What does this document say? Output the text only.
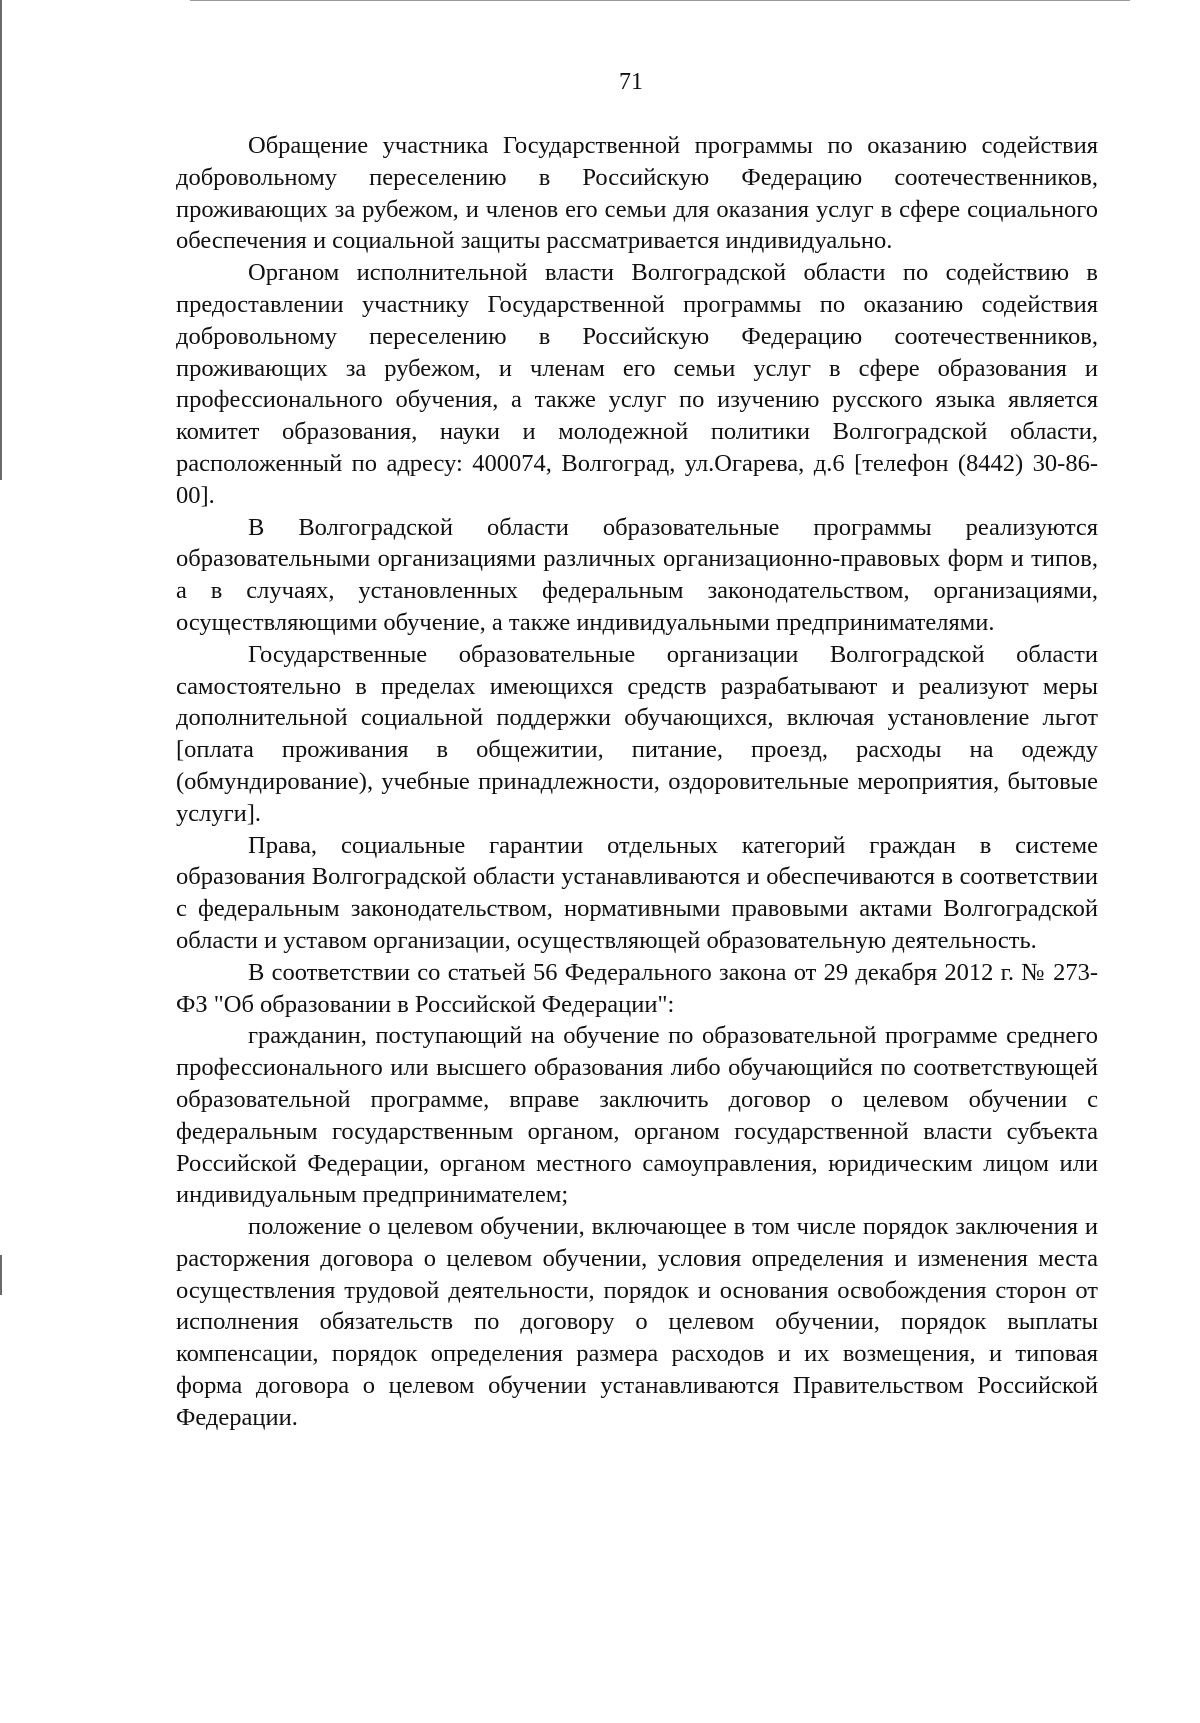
71

Обращение участника Государственной программы по оказанию содействия добровольному переселению в Российскую Федерацию соотечественников, проживающих за рубежом, и членов его семьи для оказания услуг в сфере социального обеспечения и социальной защиты рассматривается индивидуально.

Органом исполнительной власти Волгоградской области по содействию в предоставлении участнику Государственной программы по оказанию содействия добровольному переселению в Российскую Федерацию соотечественников, проживающих за рубежом, и членам его семьи услуг в сфере образования и профессионального обучения, а также услуг по изучению русского языка является комитет образования, науки и молодежной политики Волгоградской области, расположенный по адресу: 400074, Волгоград, ул.Огарева, д.6 [телефон (8442) 30-86-00].

В Волгоградской области образовательные программы реализуются образовательными организациями различных организационно-правовых форм и типов, а в случаях, установленных федеральным законодательством, организациями, осуществляющими обучение, а также индивидуальными предпринимателями.

Государственные образовательные организации Волгоградской области самостоятельно в пределах имеющихся средств разрабатывают и реализуют меры дополнительной социальной поддержки обучающихся, включая установление льгот [оплата проживания в общежитии, питание, проезд, расходы на одежду (обмундирование), учебные принадлежности, оздоровительные мероприятия, бытовые услуги].

Права, социальные гарантии отдельных категорий граждан в системе образования Волгоградской области устанавливаются и обеспечиваются в соответствии с федеральным законодательством, нормативными правовыми актами Волгоградской области и уставом организации, осуществляющей образовательную деятельность.

В соответствии со статьей 56 Федерального закона от 29 декабря 2012 г. № 273-ФЗ "Об образовании в Российской Федерации":

гражданин, поступающий на обучение по образовательной программе среднего профессионального или высшего образования либо обучающийся по соответствующей образовательной программе, вправе заключить договор о целевом обучении с федеральным государственным органом, органом государственной власти субъекта Российской Федерации, органом местного самоуправления, юридическим лицом или индивидуальным предпринимателем;

положение о целевом обучении, включающее в том числе порядок заключения и расторжения договора о целевом обучении, условия определения и изменения места осуществления трудовой деятельности, порядок и основания освобождения сторон от исполнения обязательств по договору о целевом обучении, порядок выплаты компенсации, порядок определения размера расходов и их возмещения, и типовая форма договора о целевом обучении устанавливаются Правительством Российской Федерации.
